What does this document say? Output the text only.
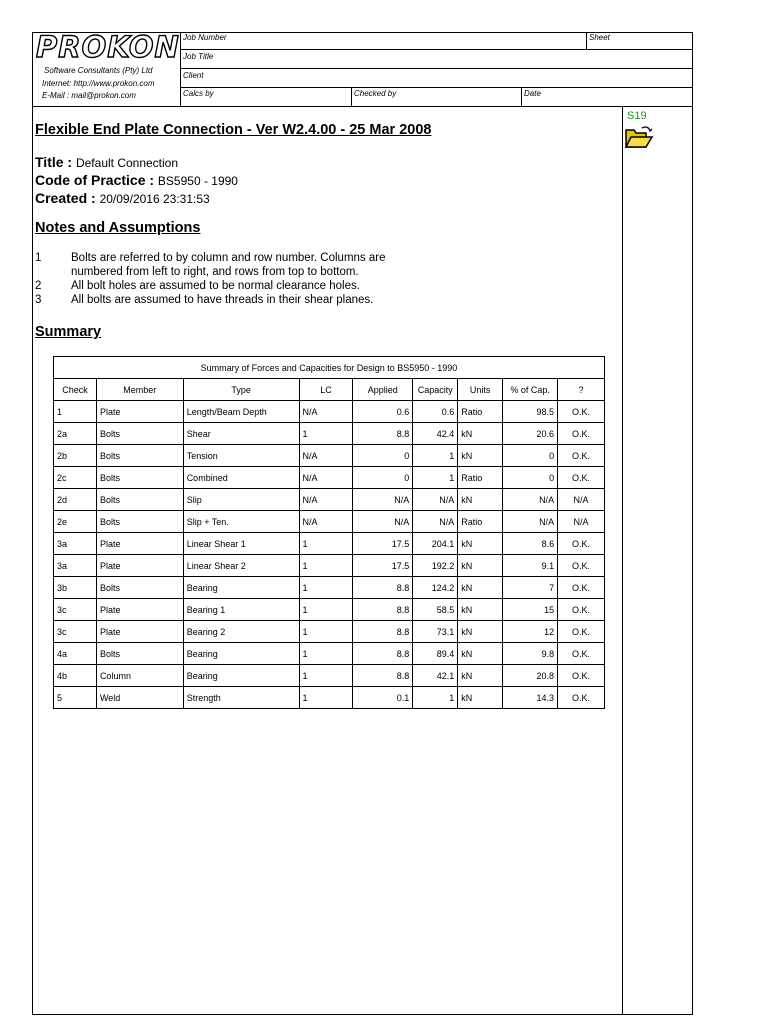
Job Number	Sheet
Job Title
Client
Calcs by	Checked by	Date
PROKON
Software Consultants (Pty) Ltd
Internet: http://www.prokon.com
E-Mail : mail@prokon.com
S19
Flexible End Plate Connection - Ver W2.4.00 - 25 Mar 2008
Title : Default Connection
Code of Practice : BS5950 - 1990
Created : 20/09/2016 23:31:53
Notes and Assumptions
1	Bolts are referred to by column and row number. Columns are
numbered from left to right, and rows from top to bottom.
2	All bolt holes are assumed to be normal clearance holes.
3	All bolts are assumed to have threads in their shear planes.
Summary
Summary of Forces and Capacities for Design to BS5950 - 1990								
Check	Member	Type	LC	Applied	Capacity	Units	% of Cap.	?
1	Plate	Length/Beam Depth	N/A	0.6	0.6	Ratio	98.5	O.K.
2a	Bolts	Shear	1	8.8	42.4	kN	20.6	O.K.
2b	Bolts	Tension	N/A	0	1	kN	0	O.K.
2c	Bolts	Combined	N/A	0	1	Ratio	0	O.K.
2d	Bolts	Slip	N/A	N/A	N/A	kN	N/A	N/A
2e	Bolts	Slip + Ten.	N/A	N/A	N/A	Ratio	N/A	N/A
3a	Plate	Linear Shear 1	1	17.5	204.1	kN	8.6	O.K.
3a	Plate	Linear Shear 2	1	17.5	192.2	kN	9.1	O.K.
3b	Bolts	Bearing	1	8.8	124.2	kN	7	O.K.
3c	Plate	Bearing 1	1	8.8	58.5	kN	15	O.K.
3c	Plate	Bearing 2	1	8.8	73.1	kN	12	O.K.
4a	Bolts	Bearing	1	8.8	89.4	kN	9.8	O.K.
4b	Column	Bearing	1	8.8	42.1	kN	20.8	O.K.
5	Weld	Strength	1	0.1	1	kN	14.3	O.K.
